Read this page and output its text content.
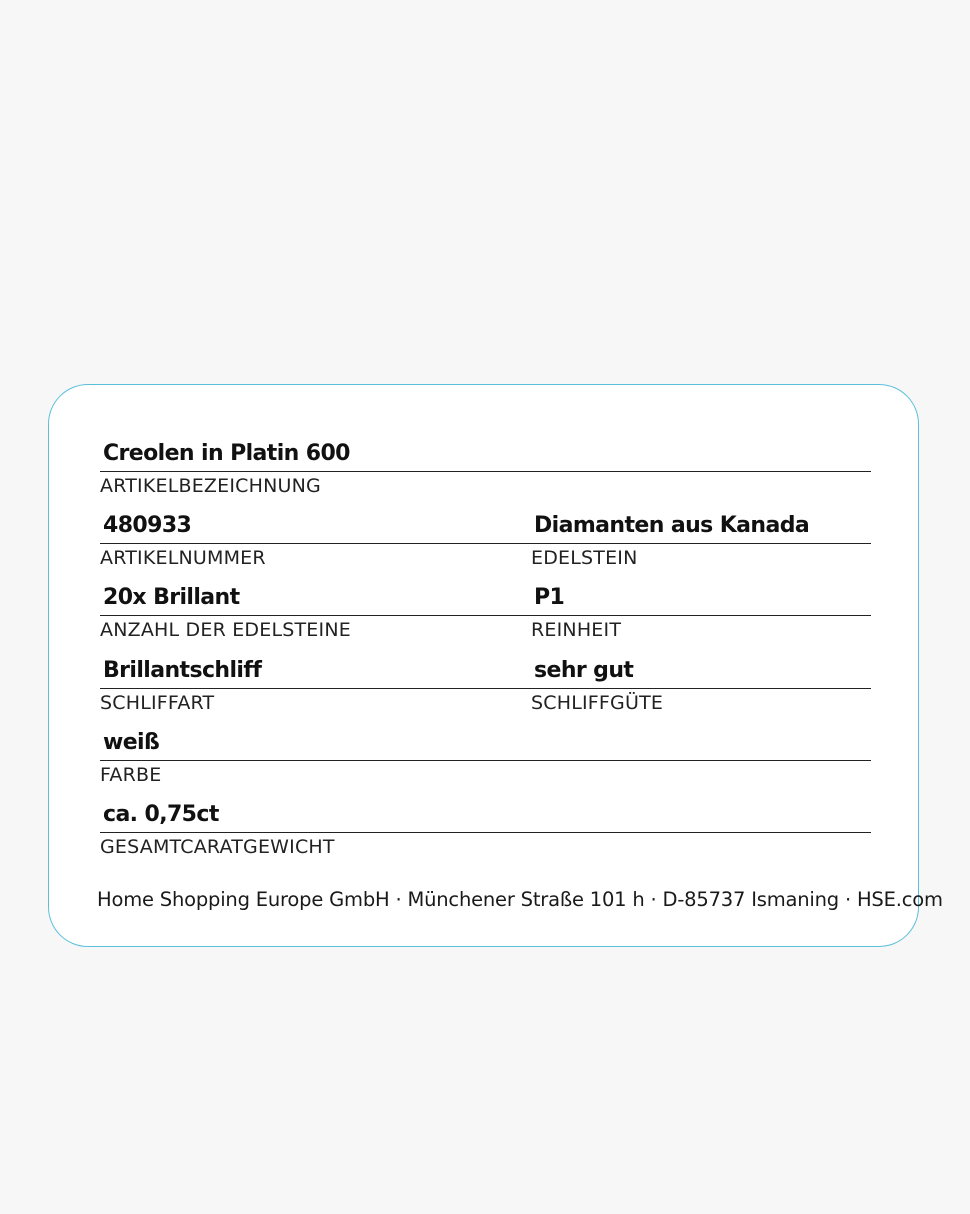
Creolen in Platin 600
ARTIKELBEZEICHNUNG
480933
ARTIKELNUMMER
Diamanten aus Kanada
EDELSTEIN
20x Brillant
ANZAHL DER EDELSTEINE
P1
REINHEIT
Brillantschliff
SCHLIFFART
sehr gut
SCHLIFFGÜTE
weiß
FARBE
ca. 0,75ct
GESAMTCARATGEWICHT
Home Shopping Europe GmbH · Münchener Straße 101 h · D-85737 Ismaning · HSE.com
